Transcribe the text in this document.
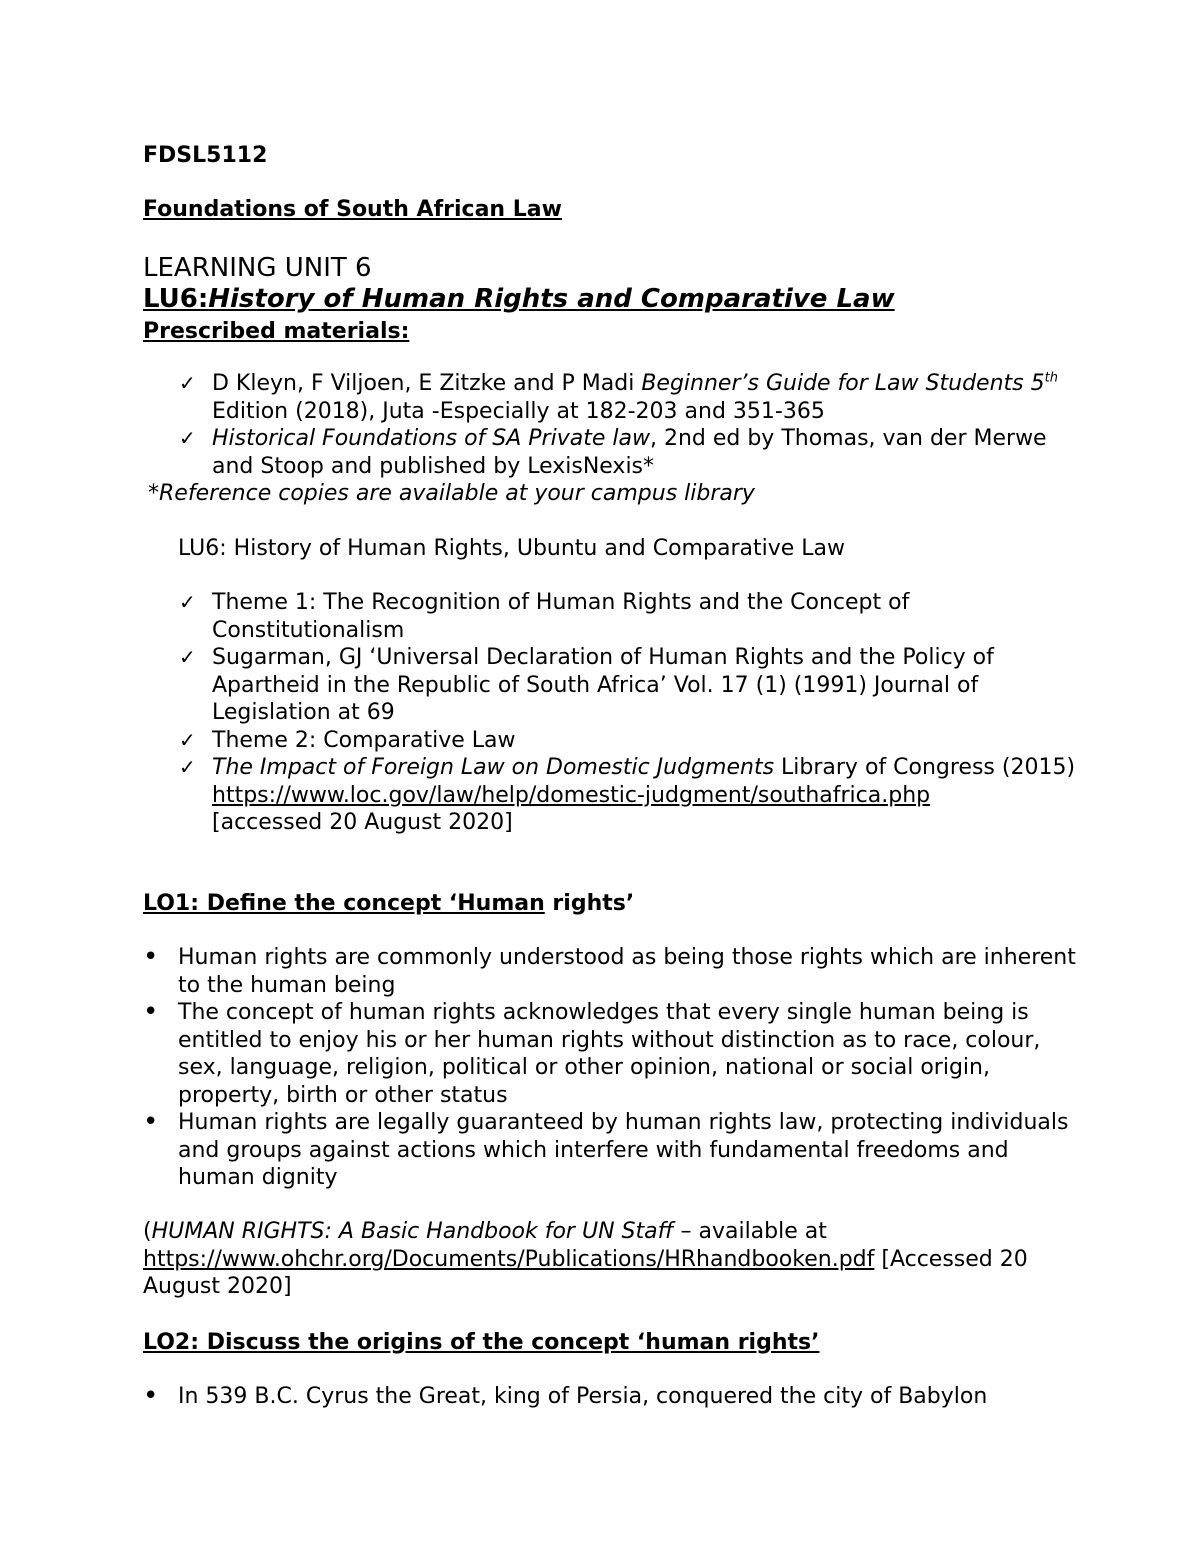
FDSL5112

Foundations of South African Law

LEARNING UNIT 6

LU6:History of Human Rights and Comparative Law

Prescribed materials:

✓ D Kleyn, F Viljoen, E Zitzke and P Madi Beginner’s Guide for Law Students 5th Edition (2018), Juta -Especially at 182-203 and 351-365
✓ Historical Foundations of SA Private law, 2nd ed by Thomas, van der Merwe and Stoop and published by LexisNexis*

*Reference copies are available at your campus library

LU6: History of Human Rights, Ubuntu and Comparative Law

✓ Theme 1: The Recognition of Human Rights and the Concept of Constitutionalism
✓ Sugarman, GJ ‘Universal Declaration of Human Rights and the Policy of Apartheid in the Republic of South Africa’ Vol. 17 (1) (1991) Journal of Legislation at 69
✓ Theme 2: Comparative Law
✓ The Impact of Foreign Law on Domestic Judgments Library of Congress (2015)
https://www.loc.gov/law/help/domestic-judgment/southafrica.php
[accessed 20 August 2020]

LO1: Define the concept ‘Human rights’

• Human rights are commonly understood as being those rights which are inherent to the human being
• The concept of human rights acknowledges that every single human being is entitled to enjoy his or her human rights without distinction as to race, colour, sex, language, religion, political or other opinion, national or social origin, property, birth or other status
• Human rights are legally guaranteed by human rights law, protecting individuals and groups against actions which interfere with fundamental freedoms and human dignity

(HUMAN RIGHTS: A Basic Handbook for UN Staff – available at https://www.ohchr.org/Documents/Publications/HRhandbooken.pdf [Accessed 20 August 2020]

LO2: Discuss the origins of the concept ‘human rights’

• In 539 B.C. Cyrus the Great, king of Persia, conquered the city of Babylon
